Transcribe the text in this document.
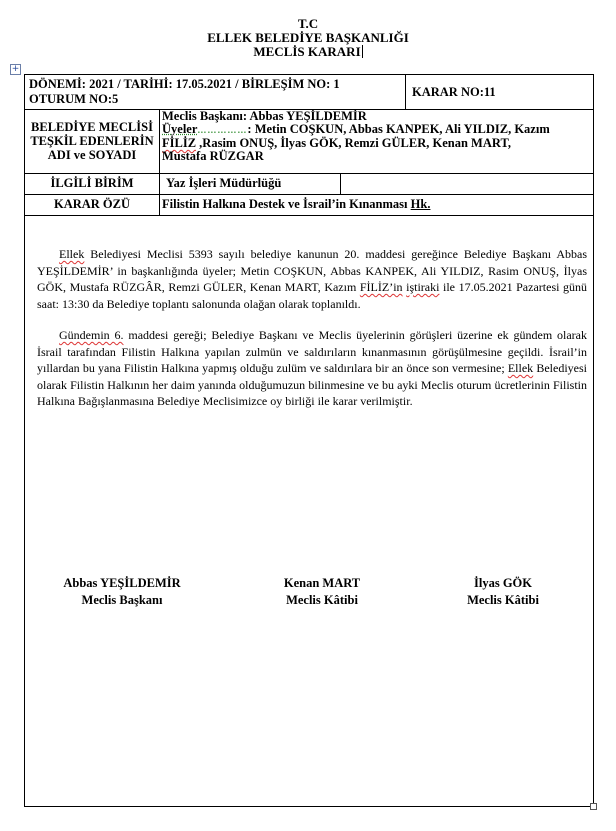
T.C
ELLEK BELEDİYE BAŞKANLIĞI
MECLİS KARARI
+
DÖNEMİ: 2021 / TARİHİ: 17.05.2021 / BİRLEŞİM NO: 1
OTURUM NO:5	KARAR NO:11
BELEDİYE MECLİSİ TEŞKİL EDENLERİN ADI ve SOYADI
Meclis Başkanı: Abbas YEŞİLDEMİR
Üyeler……………: Metin COŞKUN, Abbas KANPEK, Ali YILDIZ, Kazım
FİLİZ ,Rasim ONUŞ, İlyas GÖK, Remzi GÜLER, Kenan MART,
Mustafa RÜZGAR
İLGİLİ BİRİM	Yaz İşleri Müdürlüğü
KARAR ÖZÜ	Filistin Halkına Destek ve İsrail’in Kınanması Hk.
Ellek Belediyesi Meclisi 5393 sayılı belediye kanunun 20. maddesi gereğince Belediye Başkanı Abbas YEŞİLDEMİR’ in başkanlığında üyeler; Metin COŞKUN, Abbas KANPEK, Ali YILDIZ, Rasim ONUŞ, İlyas GÖK, Mustafa RÜZGÂR, Remzi GÜLER, Kenan MART, Kazım FİLİZ’in iştiraki ile 17.05.2021 Pazartesi günü saat: 13:30 da Belediye toplantı salonunda olağan olarak toplanıldı.
Gündemin 6. maddesi gereği; Belediye Başkanı ve Meclis üyelerinin görüşleri üzerine ek gündem olarak İsrail tarafından Filistin Halkına yapılan zulmün ve saldırıların kınanmasının görüşülmesine geçildi. İsrail’in yıllardan bu yana Filistin Halkına yapmış olduğu zulüm ve saldırılara bir an önce son vermesine; Ellek Belediyesi olarak Filistin Halkının her daim yanında olduğumuzun bilinmesine ve bu ayki Meclis oturum ücretlerinin Filistin Halkına Bağışlanmasına Belediye Meclisimizce oy birliği ile karar verilmiştir.
Abbas YEŞİLDEMİR
Meclis Başkanı
Kenan MART
Meclis Kâtibi
İlyas GÖK
Meclis Kâtibi
